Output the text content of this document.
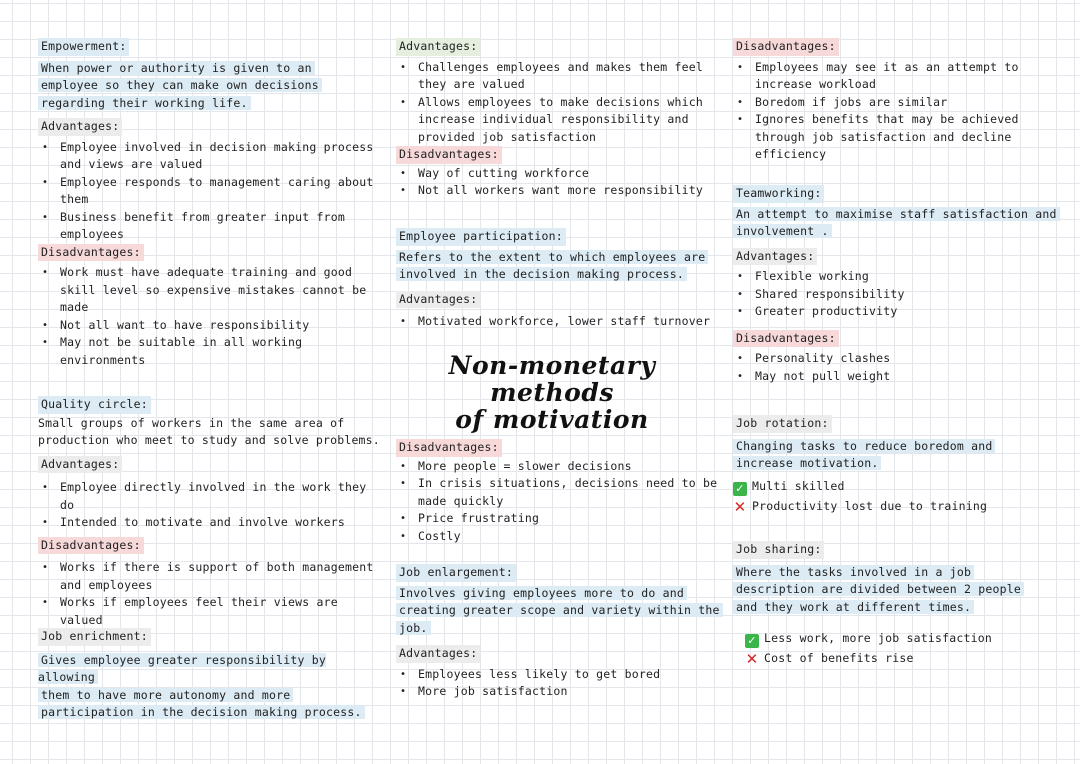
Empowerment:
When power or authority is given to an
employee so they can make own decisions
regarding their working life.
Advantages:
• Employee involved in decision making process and views are valued
• Employee responds to management caring about them
• Business benefit from greater input from employees
Disadvantages:
• Work must have adequate training and good skill level so expensive mistakes cannot be made
• Not all want to have responsibility
• May not be suitable in all working environments
Quality circle:
Small groups of workers in the same area of
production who meet to study and solve problems.
Advantages:
• Employee directly involved in the work they do
• Intended to motivate and involve workers
Disadvantages:
• Works if there is support of both management and employees
• Works if employees feel their views are valued
Job enrichment:
Gives employee greater responsibility by allowing
them to have more autonomy and more
participation in the decision making process.
Advantages:
• Challenges employees and makes them feel they are valued
• Allows employees to make decisions which increase individual responsibility and provided job satisfaction
Disadvantages:
• Way of cutting workforce
• Not all workers want more responsibility
Employee participation:
Refers to the extent to which employees are
involved in the decision making process.
Advantages:
• Motivated workforce, lower staff turnover
Disadvantages:
• More people = slower decisions
• In crisis situations, decisions need to be made quickly
• Price frustrating
• Costly
Job enlargement:
Involves giving employees more to do and
creating greater scope and variety within the
job.
Advantages:
• Employees less likely to get bored
• More job satisfaction
Non-monetary methods
of motivation
Disadvantages:
• Employees may see it as an attempt to increase workload
• Boredom if jobs are similar
• Ignores benefits that may be achieved through job satisfaction and decline efficiency
Teamworking:
An attempt to maximise staff satisfaction and
involvement .
Advantages:
• Flexible working
• Shared responsibility
• Greater productivity
Disadvantages:
• Personality clashes
• May not pull weight
Job rotation:
Changing tasks to reduce boredom and
increase motivation.
✓ Multi skilled
✕ Productivity lost due to training
Job sharing:
Where the tasks involved in a job
description are divided between 2 people
and they work at different times.
✓ Less work, more job satisfaction
✕ Cost of benefits rise
